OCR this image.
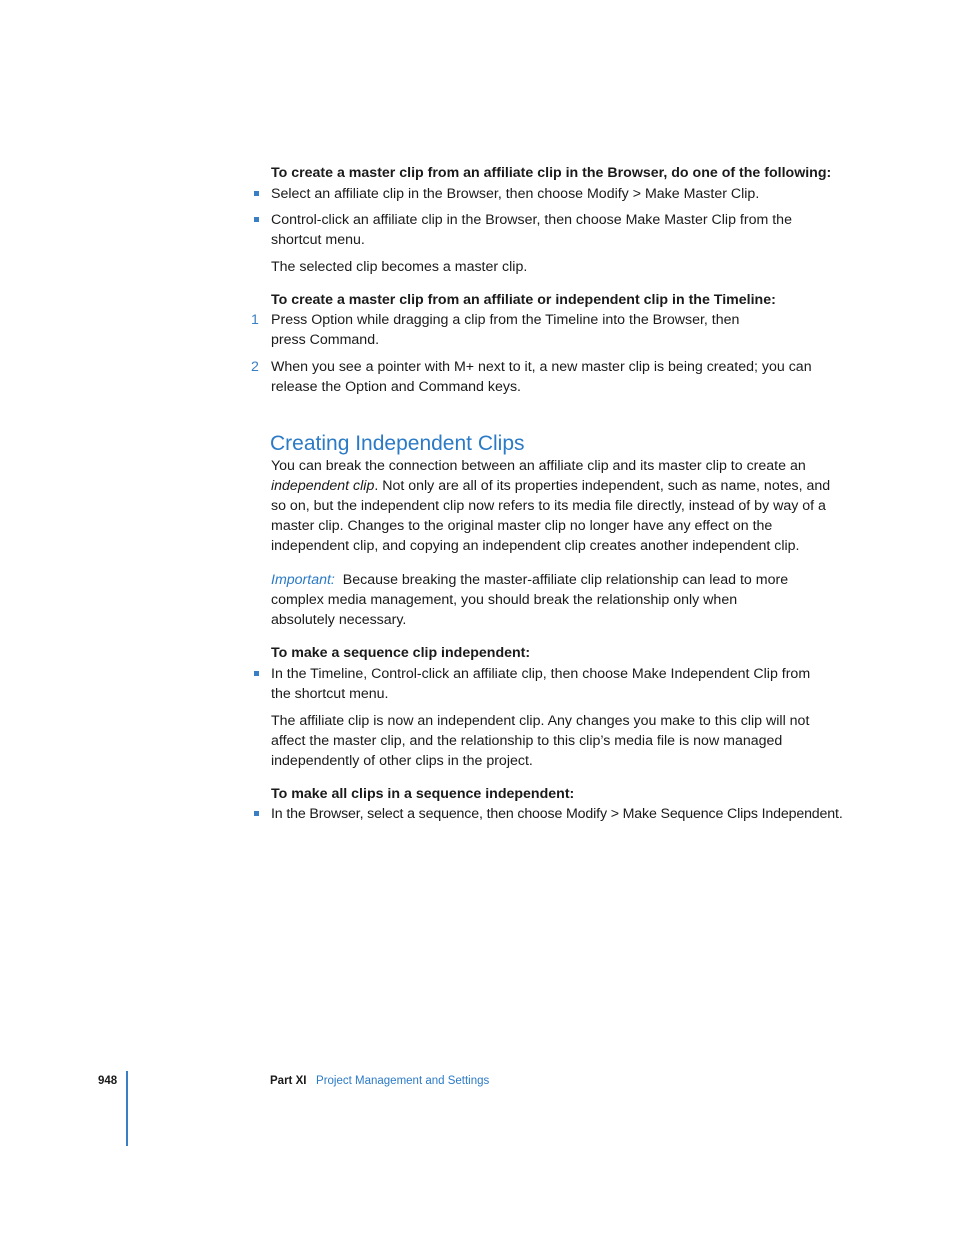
To create a master clip from an affiliate clip in the Browser, do one of the following:
Select an affiliate clip in the Browser, then choose Modify > Make Master Clip.
Control-click an affiliate clip in the Browser, then choose Make Master Clip from the
shortcut menu.
The selected clip becomes a master clip.
To create a master clip from an affiliate or independent clip in the Timeline:
1 Press Option while dragging a clip from the Timeline into the Browser, then
press Command.
2 When you see a pointer with M+ next to it, a new master clip is being created; you can
release the Option and Command keys.
Creating Independent Clips
You can break the connection between an affiliate clip and its master clip to create an
independent clip. Not only are all of its properties independent, such as name, notes, and
so on, but the independent clip now refers to its media file directly, instead of by way of a
master clip. Changes to the original master clip no longer have any effect on the
independent clip, and copying an independent clip creates another independent clip.
Important: Because breaking the master-affiliate clip relationship can lead to more
complex media management, you should break the relationship only when
absolutely necessary.
To make a sequence clip independent:
In the Timeline, Control-click an affiliate clip, then choose Make Independent Clip from
the shortcut menu.
The affiliate clip is now an independent clip. Any changes you make to this clip will not
affect the master clip, and the relationship to this clip’s media file is now managed
independently of other clips in the project.
To make all clips in a sequence independent:
In the Browser, select a sequence, then choose Modify > Make Sequence Clips Independent.
948	Part XI Project Management and Settings
